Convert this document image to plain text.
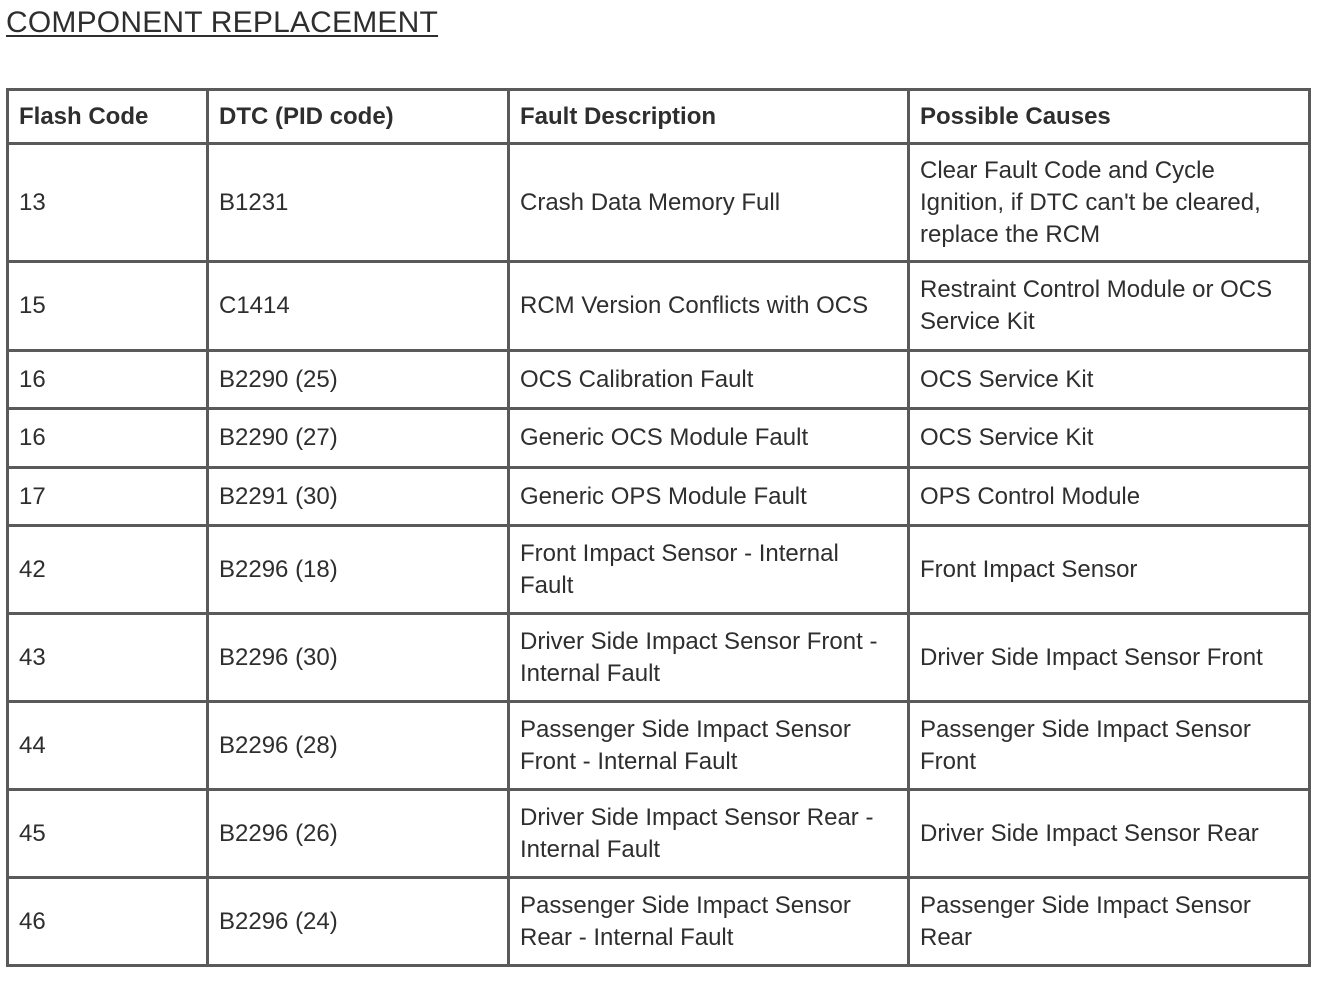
COMPONENT REPLACEMENT
Flash Code	DTC (PID code)	Fault Description	Possible Causes
13	B1231	Crash Data Memory Full	Clear Fault Code and Cycle Ignition, if DTC can't be cleared, replace the RCM
15	C1414	RCM Version Conflicts with OCS	Restraint Control Module or OCS Service Kit
16	B2290 (25)	OCS Calibration Fault	OCS Service Kit
16	B2290 (27)	Generic OCS Module Fault	OCS Service Kit
17	B2291 (30)	Generic OPS Module Fault	OPS Control Module
42	B2296 (18)	Front Impact Sensor - Internal Fault	Front Impact Sensor
43	B2296 (30)	Driver Side Impact Sensor Front - Internal Fault	Driver Side Impact Sensor Front
44	B2296 (28)	Passenger Side Impact Sensor Front - Internal Fault	Passenger Side Impact Sensor Front
45	B2296 (26)	Driver Side Impact Sensor Rear - Internal Fault	Driver Side Impact Sensor Rear
46	B2296 (24)	Passenger Side Impact Sensor Rear - Internal Fault	Passenger Side Impact Sensor Rear
